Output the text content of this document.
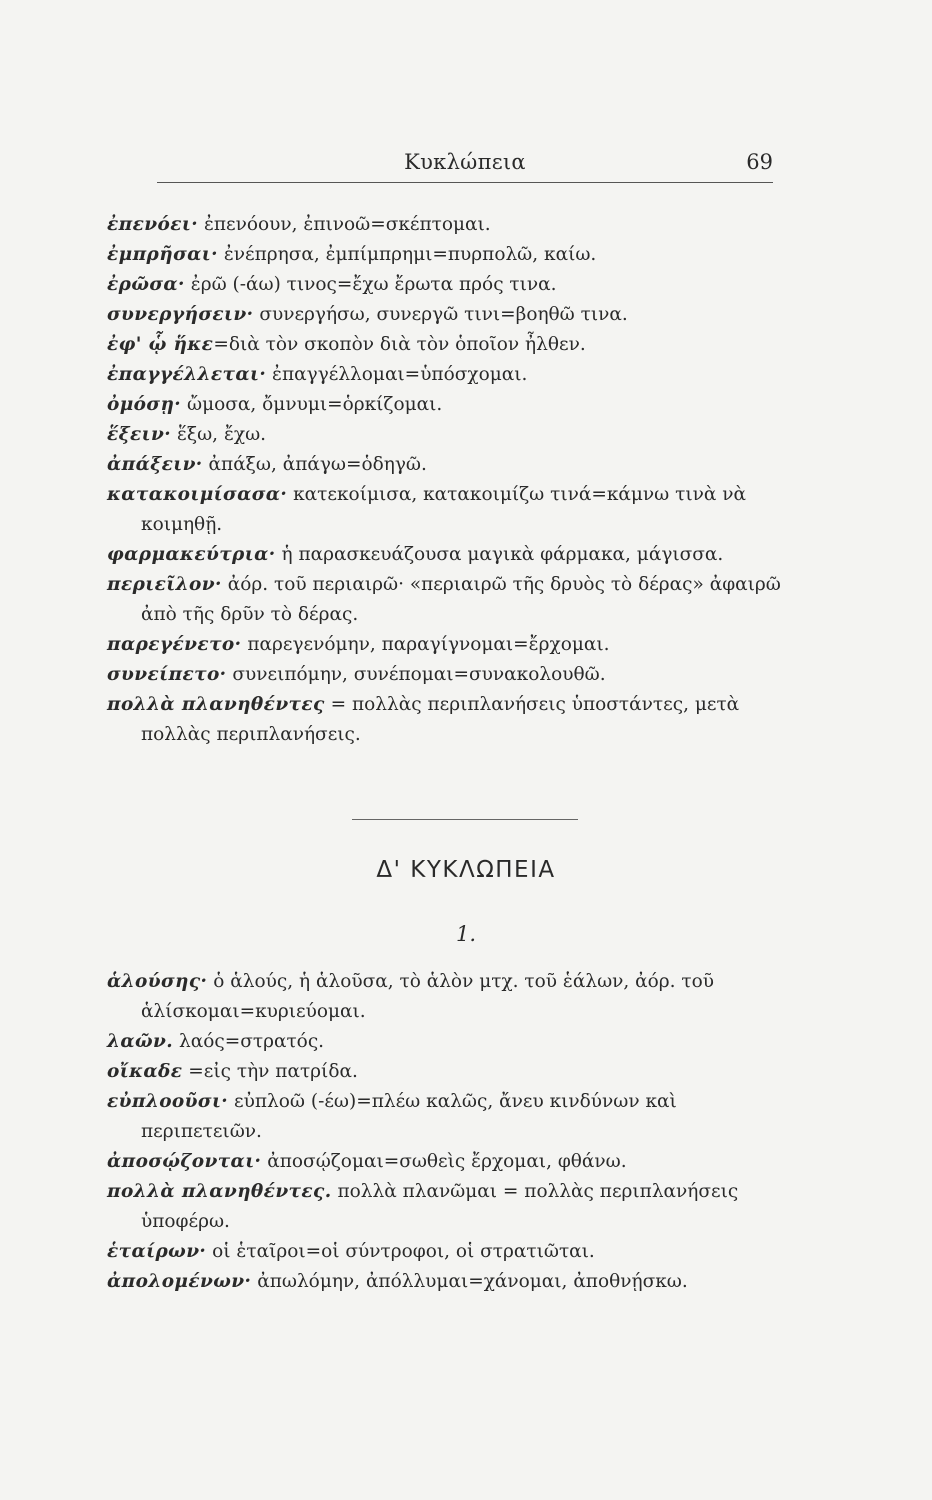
Κυκλώπεια	69
ἐπενόει· ἐπενόουν, ἐπινοῶ=σκέπτομαι.
ἐμπρῆσαι· ἐνέπρησα, ἐμπίμπρημι=πυρπολῶ, καίω.
ἐρῶσα· ἐρῶ (-άω) τινος=ἔχω ἔρωτα πρός τινα.
συνεργήσειν· συνεργήσω, συνεργῶ τινι=βοηθῶ τινα.
ἐφ' ᾧ ἥκε=διὰ τὸν σκοπὸν διὰ τὸν ὁποῖον ἦλθεν.
ἐπαγγέλλεται· ἐπαγγέλλομαι=ὑπόσχομαι.
ὀμόσῃ· ὤμοσα, ὄμνυμι=ὁρκίζομαι.
ἕξειν· ἕξω, ἔχω.
ἀπάξειν· ἀπάξω, ἀπάγω=ὁδηγῶ.
κατακοιμίσασα· κατεκοίμισα, κατακοιμίζω τινά=κάμνω τινὰ νὰ κοιμηθῇ.
φαρμακεύτρια· ἡ παρασκευάζουσα μαγικὰ φάρμακα, μάγισσα.
περιεῖλον· ἀόρ. τοῦ περιαιρῶ· «περιαιρῶ τῆς δρυὸς τὸ δέρας» ἀφαιρῶ ἀπὸ τῆς δρῦν τὸ δέρας.
παρεγένετο· παρεγενόμην, παραγίγνομαι=ἔρχομαι.
συνείπετο· συνειπόμην, συνέπομαι=συνακολουθῶ.
πολλὰ πλανηθέντες = πολλὰς περιπλανήσεις ὑποστάντες, μετὰ πολλὰς περιπλανήσεις.
Δ' ΚΥΚΛΩΠΕΙΑ
1.
ἁλούσης· ὁ ἁλούς, ἡ ἁλοῦσα, τὸ ἁλὸν μτχ. τοῦ ἑάλων, ἀόρ. τοῦ ἁλίσκομαι=κυριεύομαι.
λαῶν. λαός=στρατός.
οἴκαδε =εἰς τὴν πατρίδα.
εὐπλοοῦσι· εὐπλοῶ (-έω)=πλέω καλῶς, ἄνευ κινδύνων καὶ περιπετειῶν.
ἀποσῴζονται· ἀποσῴζομαι=σωθεὶς ἔρχομαι, φθάνω.
πολλὰ πλανηθέντες. πολλὰ πλανῶμαι = πολλὰς περιπλανήσεις ὑποφέρω.
ἑταίρων· οἱ ἑταῖροι=οἱ σύντροφοι, οἱ στρατιῶται.
ἀπολομένων· ἀπωλόμην, ἀπόλλυμαι=χάνομαι, ἀποθνῄσκω.
